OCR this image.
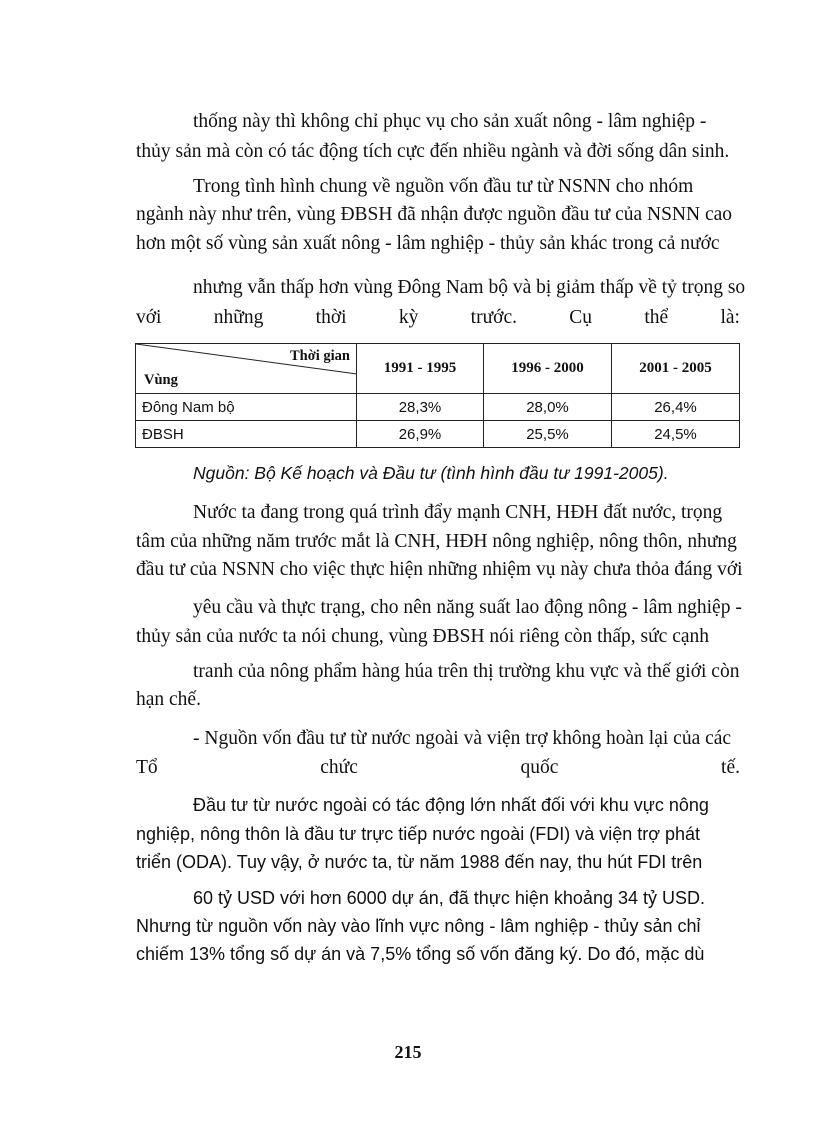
thống này thì không chỉ phục vụ cho sản xuất nông - lâm nghiệp -
thủy sản mà còn có tác động tích cực đến nhiều ngành và đời sống dân sinh.
Trong tình hình chung về nguồn vốn đầu tư từ NSNN cho nhóm
ngành này như trên, vùng ĐBSH đã nhận được nguồn đầu tư của NSNN cao
hơn một số vùng sản xuất nông - lâm nghiệp - thủy sản khác trong cả nước
nhưng vẫn thấp hơn vùng Đông Nam bộ và bị giảm thấp về tỷ trọng so
với	những	thời	kỳ	trước.	Cụ	thể	là:
Thời gian
Vùng	1991 - 1995	1996 - 2000	2001 - 2005
Đông Nam bộ	28,3%	28,0%	26,4%
ĐBSH	26,9%	25,5%	24,5%
Nguồn: Bộ Kế hoạch và Đầu tư (tình hình đầu tư 1991-2005).
Nước ta đang trong quá trình đẩy mạnh CNH, HĐH đất nước, trọng
tâm của những năm trước mắt là CNH, HĐH nông nghiệp, nông thôn, nhưng
đầu tư của NSNN cho việc thực hiện những nhiệm vụ này chưa thỏa đáng với
yêu cầu và thực trạng, cho nên năng suất lao động nông - lâm nghiệp -
thủy sản của nước ta nói chung, vùng ĐBSH nói riêng còn thấp, sức cạnh
tranh của nông phẩm hàng húa trên thị trường khu vực và thế giới còn
hạn chế.
- Nguồn vốn đầu tư từ nước ngoài và viện trợ không hoàn lại của các
Tổ	chức	quốc	tế.
Đầu tư từ nước ngoài có tác động lớn nhất đối với khu vực nông
nghiệp, nông thôn là đầu tư trực tiếp nước ngoài (FDI) và viện trợ phát
triển (ODA). Tuy vậy, ở nước ta, từ năm 1988 đến nay, thu hút FDI trên
60 tỷ USD với hơn 6000 dự án, đã thực hiện khoảng 34 tỷ USD.
Nhưng từ nguồn vốn này vào lĩnh vực nông - lâm nghiệp - thủy sản chỉ
chiếm 13% tổng số dự án và 7,5% tổng số vốn đăng ký. Do đó, mặc dù
215
